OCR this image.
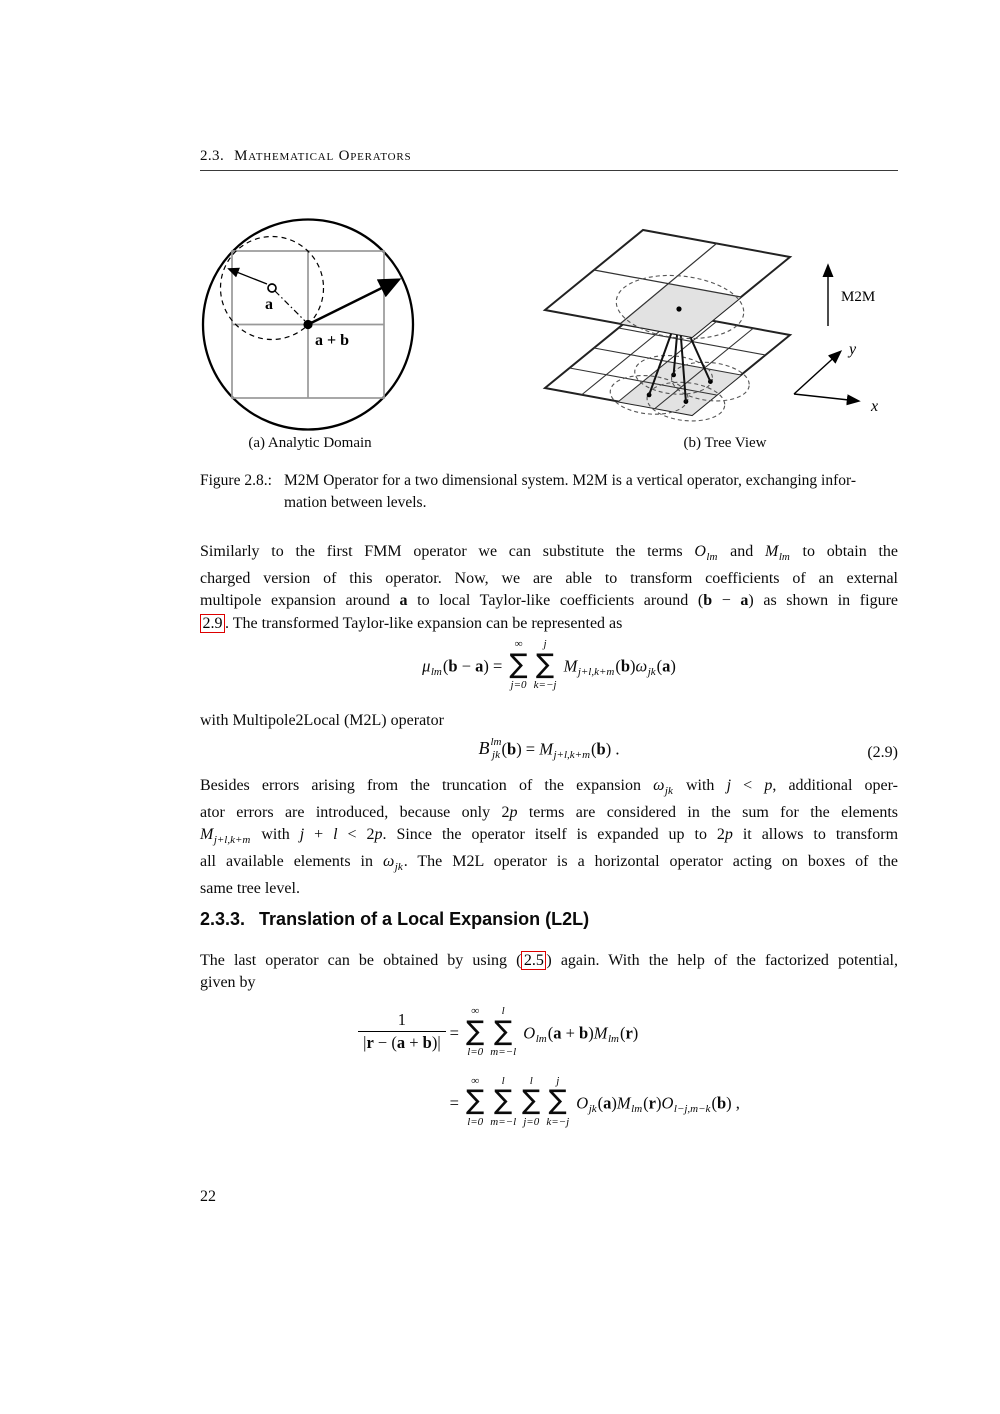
2.3. Mathematical Operators
a
a + b
M2M
y
x
(a) Analytic Domain	(b) Tree View
Figure 2.8.: M2M Operator for a two dimensional system. M2M is a vertical operator, exchanging infor-
mation between levels.
Similarly to the first FMM operator we can substitute the terms $O_{lm}$ and $M_{lm}$ to obtain the
charged version of this operator. Now, we are able to transform coefficients of an external
multipole expansion around a to local Taylor-like coefficients around (b − a) as shown in figure
2.9 . The transformed Taylor-like expansion can be represented as
$\mu_{lm}(b - a)$ =
∞
∑
j=0
j
∑
k=−j
$M_{j+l,k+m}(b)\omega_{jk}(a)$
with Multipole2Local (M2L) operator
B lm
jk $(b) = M_{j+l,k+m}(b)$ .	(2.9)
Besides errors arising from the truncation of the expansion $\omega_{jk}$ with j < p, additional oper-
ator errors are introduced, because only 2p terms are considered in the sum for the elements
$M_{j+l,k+m}$ with j + l < 2p. Since the operator itself is expanded up to 2p it allows to transform
all available elements in $\omega_{jk}$. The M2L operator is a horizontal operator acting on boxes of the
same tree level.
2.3.3. Translation of a Local Expansion (L2L)
The last operator can be obtained by using ( 2.5 ) again. With the help of the factorized potential,
given by
$\frac{1}{|r - (a + b)|}$ =
∞
∑
l=0
l
∑
m=−l
$O_{lm}(a + b)M_{lm}(r)$
=
∞
∑
l=0
l
∑
m=−l
l
∑
j=0
j
∑
k=−j
$O_{jk}(a)M_{lm}(r)O_{l-j,m-k}(b)$ ,
22
